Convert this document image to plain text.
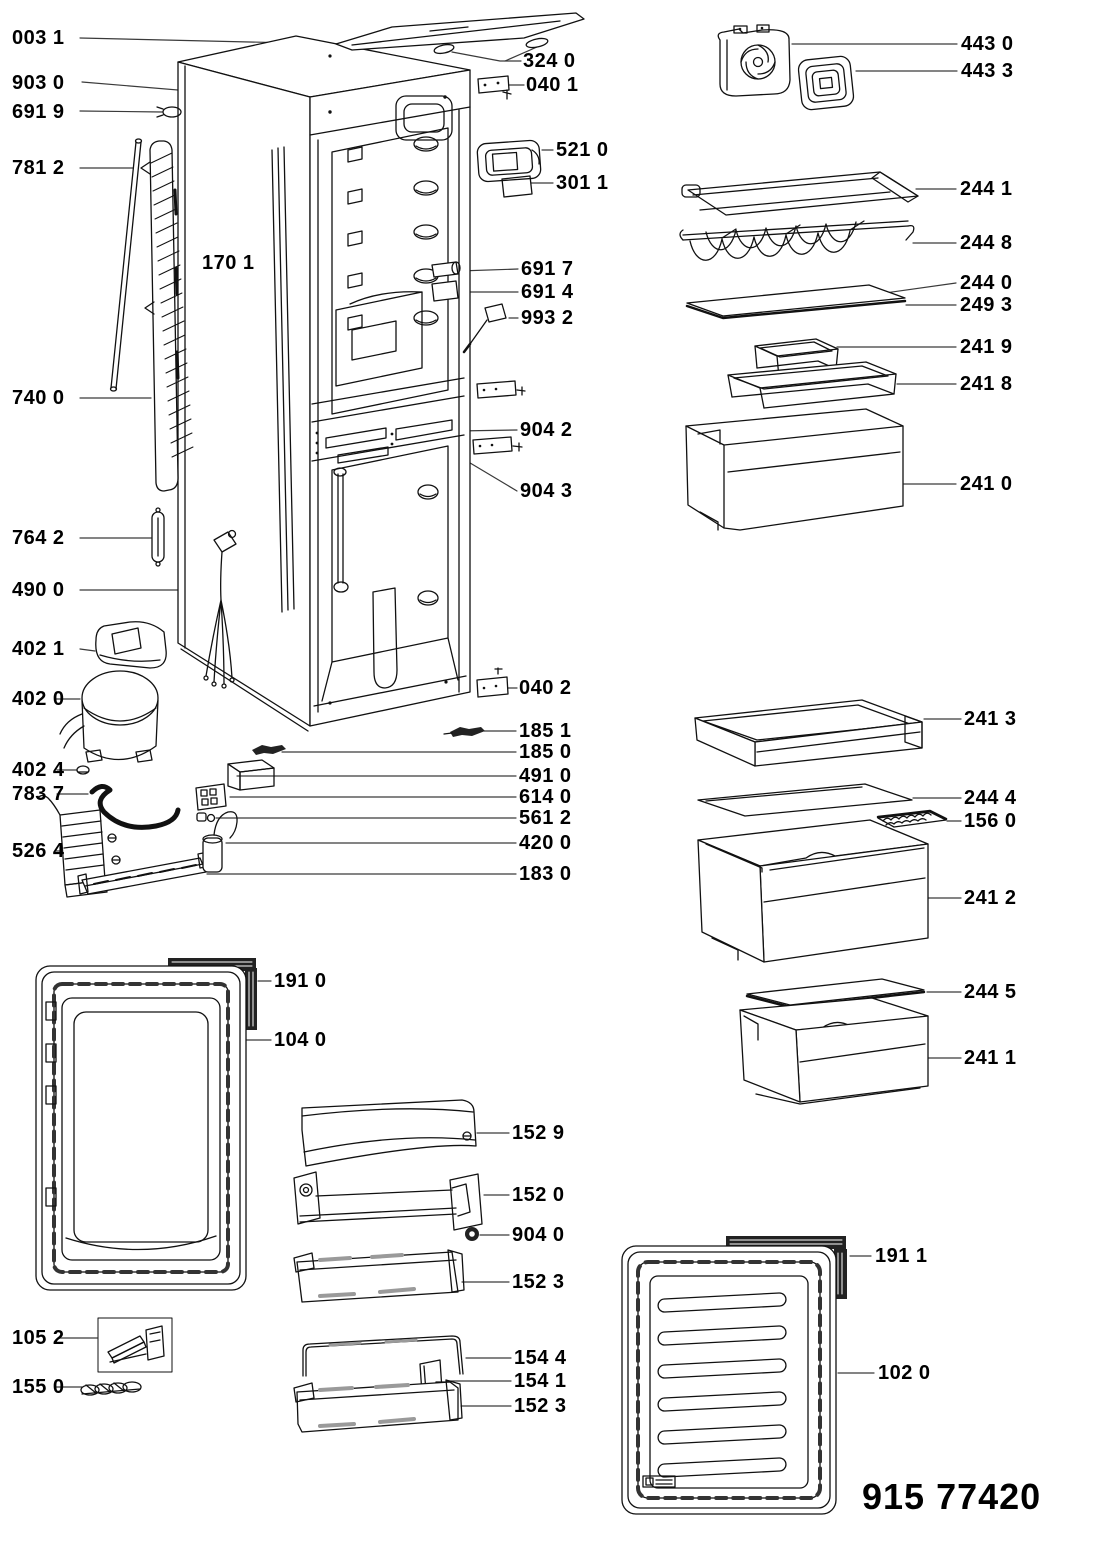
003 1
903 0
691 9
781 2
740 0
764 2
490 0
402 1
402 0
402 4
783 7
526 4
105 2
155 0
170 1
324 0
040 1
521 0
301 1
691 7
691 4
993 2
904 2
904 3
040 2
185 1
185 0
491 0
614 0
561 2
420 0
183 0
191 0
104 0
152 9
152 0
904 0
152 3
154 4
154 1
152 3
443 0
443 3
244 1
244 8
244 0
249 3
241 9
241 8
241 0
241 3
244 4
156 0
241 2
244 5
241 1
191 1
102 0
915 77420
